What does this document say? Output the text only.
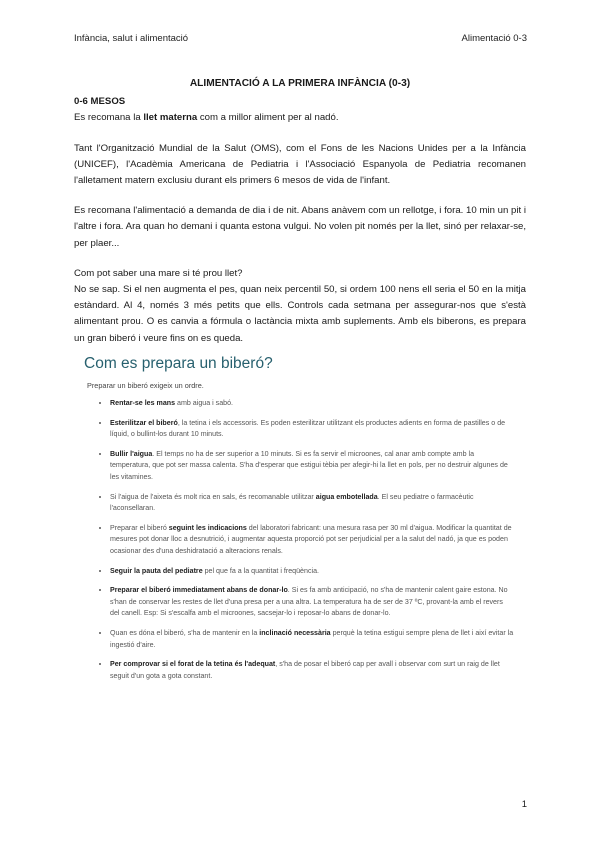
Infància, salut i alimentació	Alimentació 0-3
ALIMENTACIÓ A LA PRIMERA INFÀNCIA (0-3)
0-6 MESOS

Es recomana la llet materna com a millor aliment per al nadó.

Tant l'Organització Mundial de la Salut (OMS), com el Fons de les Nacions Unides per a la Infància (UNICEF), l'Acadèmia Americana de Pediatria i l'Associació Espanyola de Pediatria recomanen l'alletament matern exclusiu durant els primers 6 mesos de vida de l'infant.

Es recomana l'alimentació a demanda de dia i de nit. Abans anàvem com un rellotge, i fora. 10 min un pit i l'altre i fora. Ara quan ho demani i quanta estona vulgui. No volen pit només per la llet, sinó per relaxar-se, per plaer...

Com pot saber una mare si té prou llet?

No se sap. Si el nen augmenta el pes, quan neix percentil 50, si ordem 100 nens ell seria el 50 en la mitja estàndard. Al 4, només 3 més petits que ells. Controls cada setmana per assegurar-nos que s'està alimentant prou. O es canvia a fórmula o lactància mixta amb suplements. Amb els biberons, es prepara un gran biberó i veure fins on es queda.

Com es prepara un biberó?
Preparar un biberó exigeix un ordre.
• Rentar-se les mans amb aigua i sabó.
• Esterilitzar el biberó, la tetina i els accessoris. Es poden esterilitzar utilitzant els productes adients en forma de pastilles o de líquid, o bullint-los durant 10 minuts.
• Bullir l'aigua. El temps no ha de ser superior a 10 minuts. Si es fa servir el microones, cal anar amb compte amb la temperatura, que pot ser massa calenta. S'ha d'esperar que estigui tèbia per afegir-hi la llet en pols, per no destruir algunes de les vitamines.
• Si l'aigua de l'aixeta és molt rica en sals, és recomanable utilitzar aigua embotellada. El seu pediatre o farmacèutic l'aconsellaran.
• Preparar el biberó seguint les indicacions del laboratori fabricant: una mesura rasa per 30 ml d'aigua. Modificar la quantitat de mesures pot donar lloc a desnutrició, i augmentar aquesta proporció pot ser perjudicial per a la salut del nadó, ja que es poden ocasionar des d'una deshidratació a alteracions renals.
• Seguir la pauta del pediatre pel que fa a la quantitat i freqüència.
• Preparar el biberó immediatament abans de donar-lo. Si es fa amb anticipació, no s'ha de mantenir calent gaire estona. No s'han de conservar les restes de llet d'una presa per a una altra. La temperatura ha de ser de 37 ºC, provant-la amb el revers del canell. Esp: Si s'escalfa amb el microones, sacsejar-lo i reposar-lo abans de donar-lo.
• Quan es dóna el biberó, s'ha de mantenir en la inclinació necessària perquè la tetina estigui sempre plena de llet i així evitar la ingestió d'aire.
• Per comprovar si el forat de la tetina és l'adequat, s'ha de posar el biberó cap per avall i observar com surt un raig de llet seguit d'un gota a gota constant.
1
